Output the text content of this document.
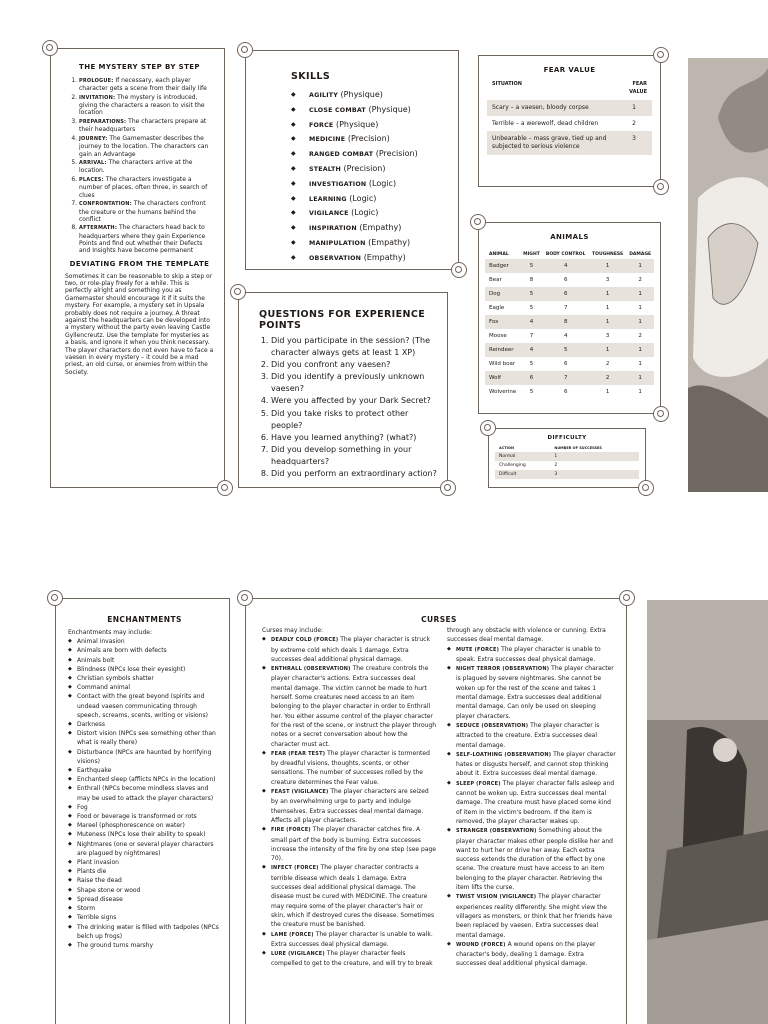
THE MYSTERY STEP BY STEP
1. PROLOGUE: If necessary, each player character gets a scene from their daily life
2. INVITATION: The mystery is introduced, giving the characters a reason to visit the location
3. PREPARATIONS: The characters prepare at their headquarters
4. JOURNEY: The Gamemaster describes the journey to the location. The characters can gain an Advantage
5. ARRIVAL: The characters arrive at the location.
6. PLACES: The characters investigate a number of places, often three, in search of clues
7. CONFRONTATION: The characters confront the creature or the humans behind the conflict
8. AFTERMATH: The characters head back to headquarters where they gain Experience Points and find out whether their Defects and Insights have become permanent
DEVIATING FROM THE TEMPLATE
Sometimes it can be reasonable to skip a step or two, or role-play freely for a while. This is perfectly alright and something you as Gamemaster should encourage it if it suits the mystery. For example, a mystery set in Upsala probably does not require a journey. A threat against the headquarters can be developed into a mystery without the party even leaving Castle Gyllencreutz. Use the template for mysteries as a basis, and ignore it when you think necessary. The player characters do not even have to face a vaesen in every mystery – it could be a mad priest, an old curse, or enemies from within the Society.
SKILLS
◆ AGILITY (Physique)
◆ CLOSE COMBAT (Physique)
◆ FORCE (Physique)
◆ MEDICINE (Precision)
◆ RANGED COMBAT (Precision)
◆ STEALTH (Precision)
◆ INVESTIGATION (Logic)
◆ LEARNING (Logic)
◆ VIGILANCE (Logic)
◆ INSPIRATION (Empathy)
◆ MANIPULATION (Empathy)
◆ OBSERVATION (Empathy)
QUESTIONS FOR EXPERIENCE POINTS
1. Did you participate in the session? (The character always gets at least 1 XP)
2. Did you confront any vaesen?
3. Did you identify a previously unknown vaesen?
4. Were you affected by your Dark Secret?
5. Did you take risks to protect other people?
6. Have you learned anything? (what?)
7. Did you develop something in your headquarters?
8. Did you perform an extraordinary action?
FEAR VALUE
SITUATION	FEAR VALUE
Scary – a vaesen, bloody corpse	1
Terrible – a werewolf, dead children	2
Unbearable – mass grave, tied up and subjected to serious violence	3
ANIMALS
ANIMAL	MIGHT	BODY CONTROL	TOUGHNESS	DAMAGE
Badger	5	4	1	1
Bear	8	6	3	2
Dog	5	6	1	1
Eagle	5	7	1	1
Fox	4	8	1	1
Moose	7	4	3	2
Reindeer	4	5	1	1
Wild boar	5	6	2	1
Wolf	6	7	2	1
Wolverine	5	6	1	1
DIFFICULTY
ACTION	NUMBER OF SUCCESSES
Normal	1
Challenging	2
Difficult	3
ENCHANTMENTS
Enchantments may include:
◆ Animal invasion
◆ Animals are born with defects
◆ Animals bolt
◆ Blindness (NPCs lose their eyesight)
◆ Christian symbols shatter
◆ Command animal
◆ Contact with the great beyond (spirits and undead vaesen communicating through speech, screams, scents, writing or visions)
◆ Darkness
◆ Distort vision (NPCs see something other than what is really there)
◆ Disturbance (NPCs are haunted by horrifying visions)
◆ Earthquake
◆ Enchanted sleep (afflicts NPCs in the location)
◆ Enthrall (NPCs become mindless slaves and may be used to attack the player characters)
◆ Fog
◆ Food or beverage is transformed or rots
◆ Mareel (phosphorescence on water)
◆ Muteness (NPCs lose their ability to speak)
◆ Nightmares (one or several player characters are plagued by nightmares)
◆ Plant invasion
◆ Plants die
◆ Raise the dead
◆ Shape stone or wood
◆ Spread disease
◆ Storm
◆ Terrible signs
◆ The drinking water is filled with tadpoles (NPCs belch up frogs)
◆ The ground turns marshy
CURSES

Curses may include:

◆ DEADLY COLD (FORCE) The player character is struck by extreme cold which deals 1 damage. Extra successes deal additional physical damage.
◆ ENTHRALL (OBSERVATION) The creature controls the player character's actions. Extra successes deal mental damage. The victim cannot be made to hurt herself. Some creatures need access to an item belonging to the player character in order to Enthrall her. You either assume control of the player character for the rest of the scene, or instruct the player through notes or a secret conversation about how the character must act.
◆ FEAR (FEAR TEST) The player character is tormented by dreadful visions, thoughts, scents, or other sensations. The number of successes rolled by the creature determines the Fear value.
◆ FEAST (VIGILANCE) The player characters are seized by an overwhelming urge to party and indulge themselves. Extra successes deal mental damage. Affects all player characters.
◆ FIRE (FORCE) The player character catches fire. A small part of the body is burning. Extra successes increase the intensity of the fire by one step (see page 70).
◆ INFECT (FORCE) The player character contracts a terrible disease which deals 1 damage. Extra successes deal additional physical damage. The disease must be cured with MEDICINE. The creature may require some of the player character's hair or skin, which if destroyed cures the disease. Sometimes the creature must be banished.
◆ LAME (FORCE) The player character is unable to walk. Extra successes deal physical damage.
◆ LURE (VIGILANCE) The player character feels compelled to get to the creature, and will try to break

through any obstacle with violence or cunning. Extra successes deal mental damage.

◆ MUTE (FORCE) The player character is unable to speak. Extra successes deal physical damage.
◆ NIGHT TERROR (OBSERVATION) The player character is plagued by severe nightmares. She cannot be woken up for the rest of the scene and takes 1 mental damage. Extra successes deal additional mental damage. Can only be used on sleeping player characters.
◆ SEDUCE (OBSERVATION) The player character is attracted to the creature. Extra successes deal mental damage.
◆ SELF-LOATHING (OBSERVATION) The player character hates or disgusts herself, and cannot stop thinking about it. Extra successes deal mental damage.
◆ SLEEP (FORCE) The player character falls asleep and cannot be woken up. Extra successes deal mental damage. The creature must have placed some kind of item in the victim's bedroom. If the item is removed, the player character wakes up.
◆ STRANGER (OBSERVATION) Something about the player character makes other people dislike her and want to hurt her or drive her away. Each extra success extends the duration of the effect by one scene. The creature must have access to an item belonging to the player character. Retrieving the item lifts the curse.
◆ TWIST VISION (VIGILANCE) The player character experiences reality differently. She might view the villagers as monsters, or think that her friends have been replaced by vaesen. Extra successes deal mental damage.
◆ WOUND (FORCE) A wound opens on the player character's body, dealing 1 damage. Extra successes deal additional physical damage.
